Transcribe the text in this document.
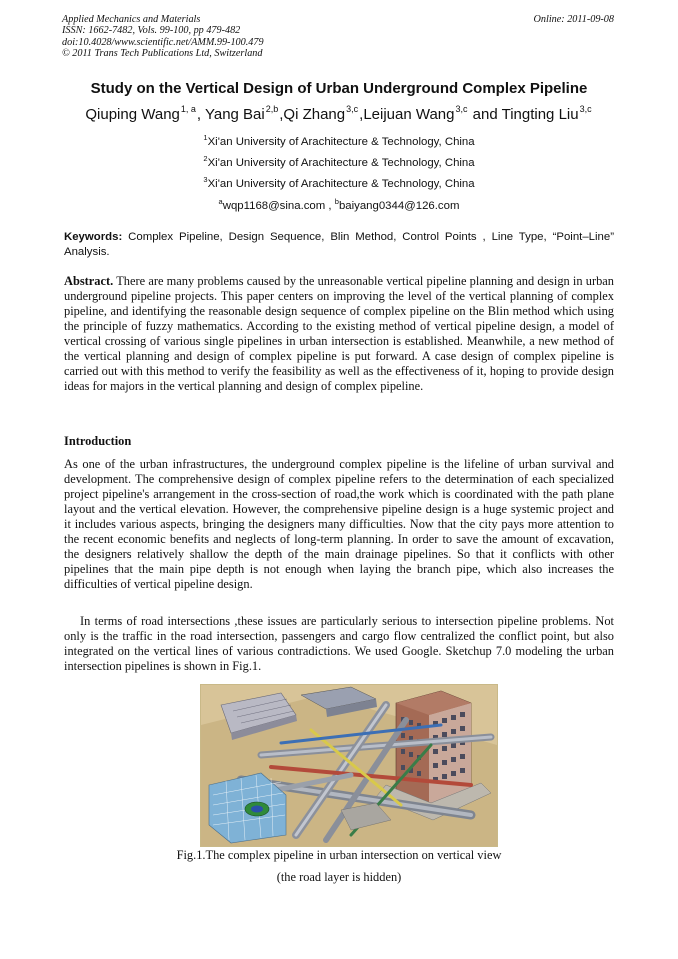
Applied Mechanics and Materials
ISSN: 1662-7482, Vols. 99-100, pp 479-482
doi:10.4028/www.scientific.net/AMM.99-100.479
© 2011 Trans Tech Publications Ltd, Switzerland
Online: 2011-09-08
Study on the Vertical Design of Urban Underground Complex Pipeline
Qiuping Wang$^{1, a}$, Yang Bai$^{2,b}$,Qi Zhang$^{3,c}$,Leijuan Wang$^{3,c}$ and Tingting Liu$^{3,c}$
$^1$Xi'an University of Arachitecture & Technology, China
$^2$Xi'an University of Arachitecture & Technology, China
$^3$Xi'an University of Arachitecture & Technology, China
$^a$wqp1168@sina.com , $^b$baiyang0344@126.com
Keywords: Complex Pipeline, Design Sequence, Blin Method, Control Points , Line Type, “Point–Line” Analysis.
Abstract. There are many problems caused by the unreasonable vertical pipeline planning and design in urban underground pipeline projects. This paper centers on improving the level of the vertical planning of complex pipeline, and identifying the reasonable design sequence of complex pipeline on the Blin method which using the principle of fuzzy mathematics. According to the existing method of vertical pipeline design, a model of vertical crossing of various single pipelines in urban intersection is established. Meanwhile, a new method of the vertical planning and design of complex pipeline is put forward. A case design of complex pipeline is carried out with this method to verify the feasibility as well as the effectiveness of it, hoping to provide design ideas for majors in the vertical planning and design of complex pipeline.
Introduction
As one of the urban infrastructures, the underground complex pipeline is the lifeline of urban survival and development. The comprehensive design of complex pipeline refers to the determination of each specialized project pipeline's arrangement in the cross-section of road,the work which is coordinated with the path plane layout and the vertical elevation. However, the comprehensive pipeline design is a huge systemic project and it includes various aspects, bringing the designers many difficulties. Now that the city pays more attention to the recent economic benefits and neglects of long-term planning. In order to save the amount of excavation, the designers relatively shallow the depth of the main drainage pipelines. So that it conflicts with other pipelines that the main pipe depth is not enough when laying the branch pipe, which also increases the difficulties of vertical pipeline design.
In terms of road intersections ,these issues are particularly serious to intersection pipeline problems. Not only is the traffic in the road intersection, passengers and cargo flow centralized the conflict point, but also integrated on the vertical lines of various contradictions. We used Google. Sketchup 7.0 modeling the urban intersection pipelines is shown in Fig.1.
Fig.1.The complex pipeline in urban intersection on vertical view
(the road layer is hidden)
